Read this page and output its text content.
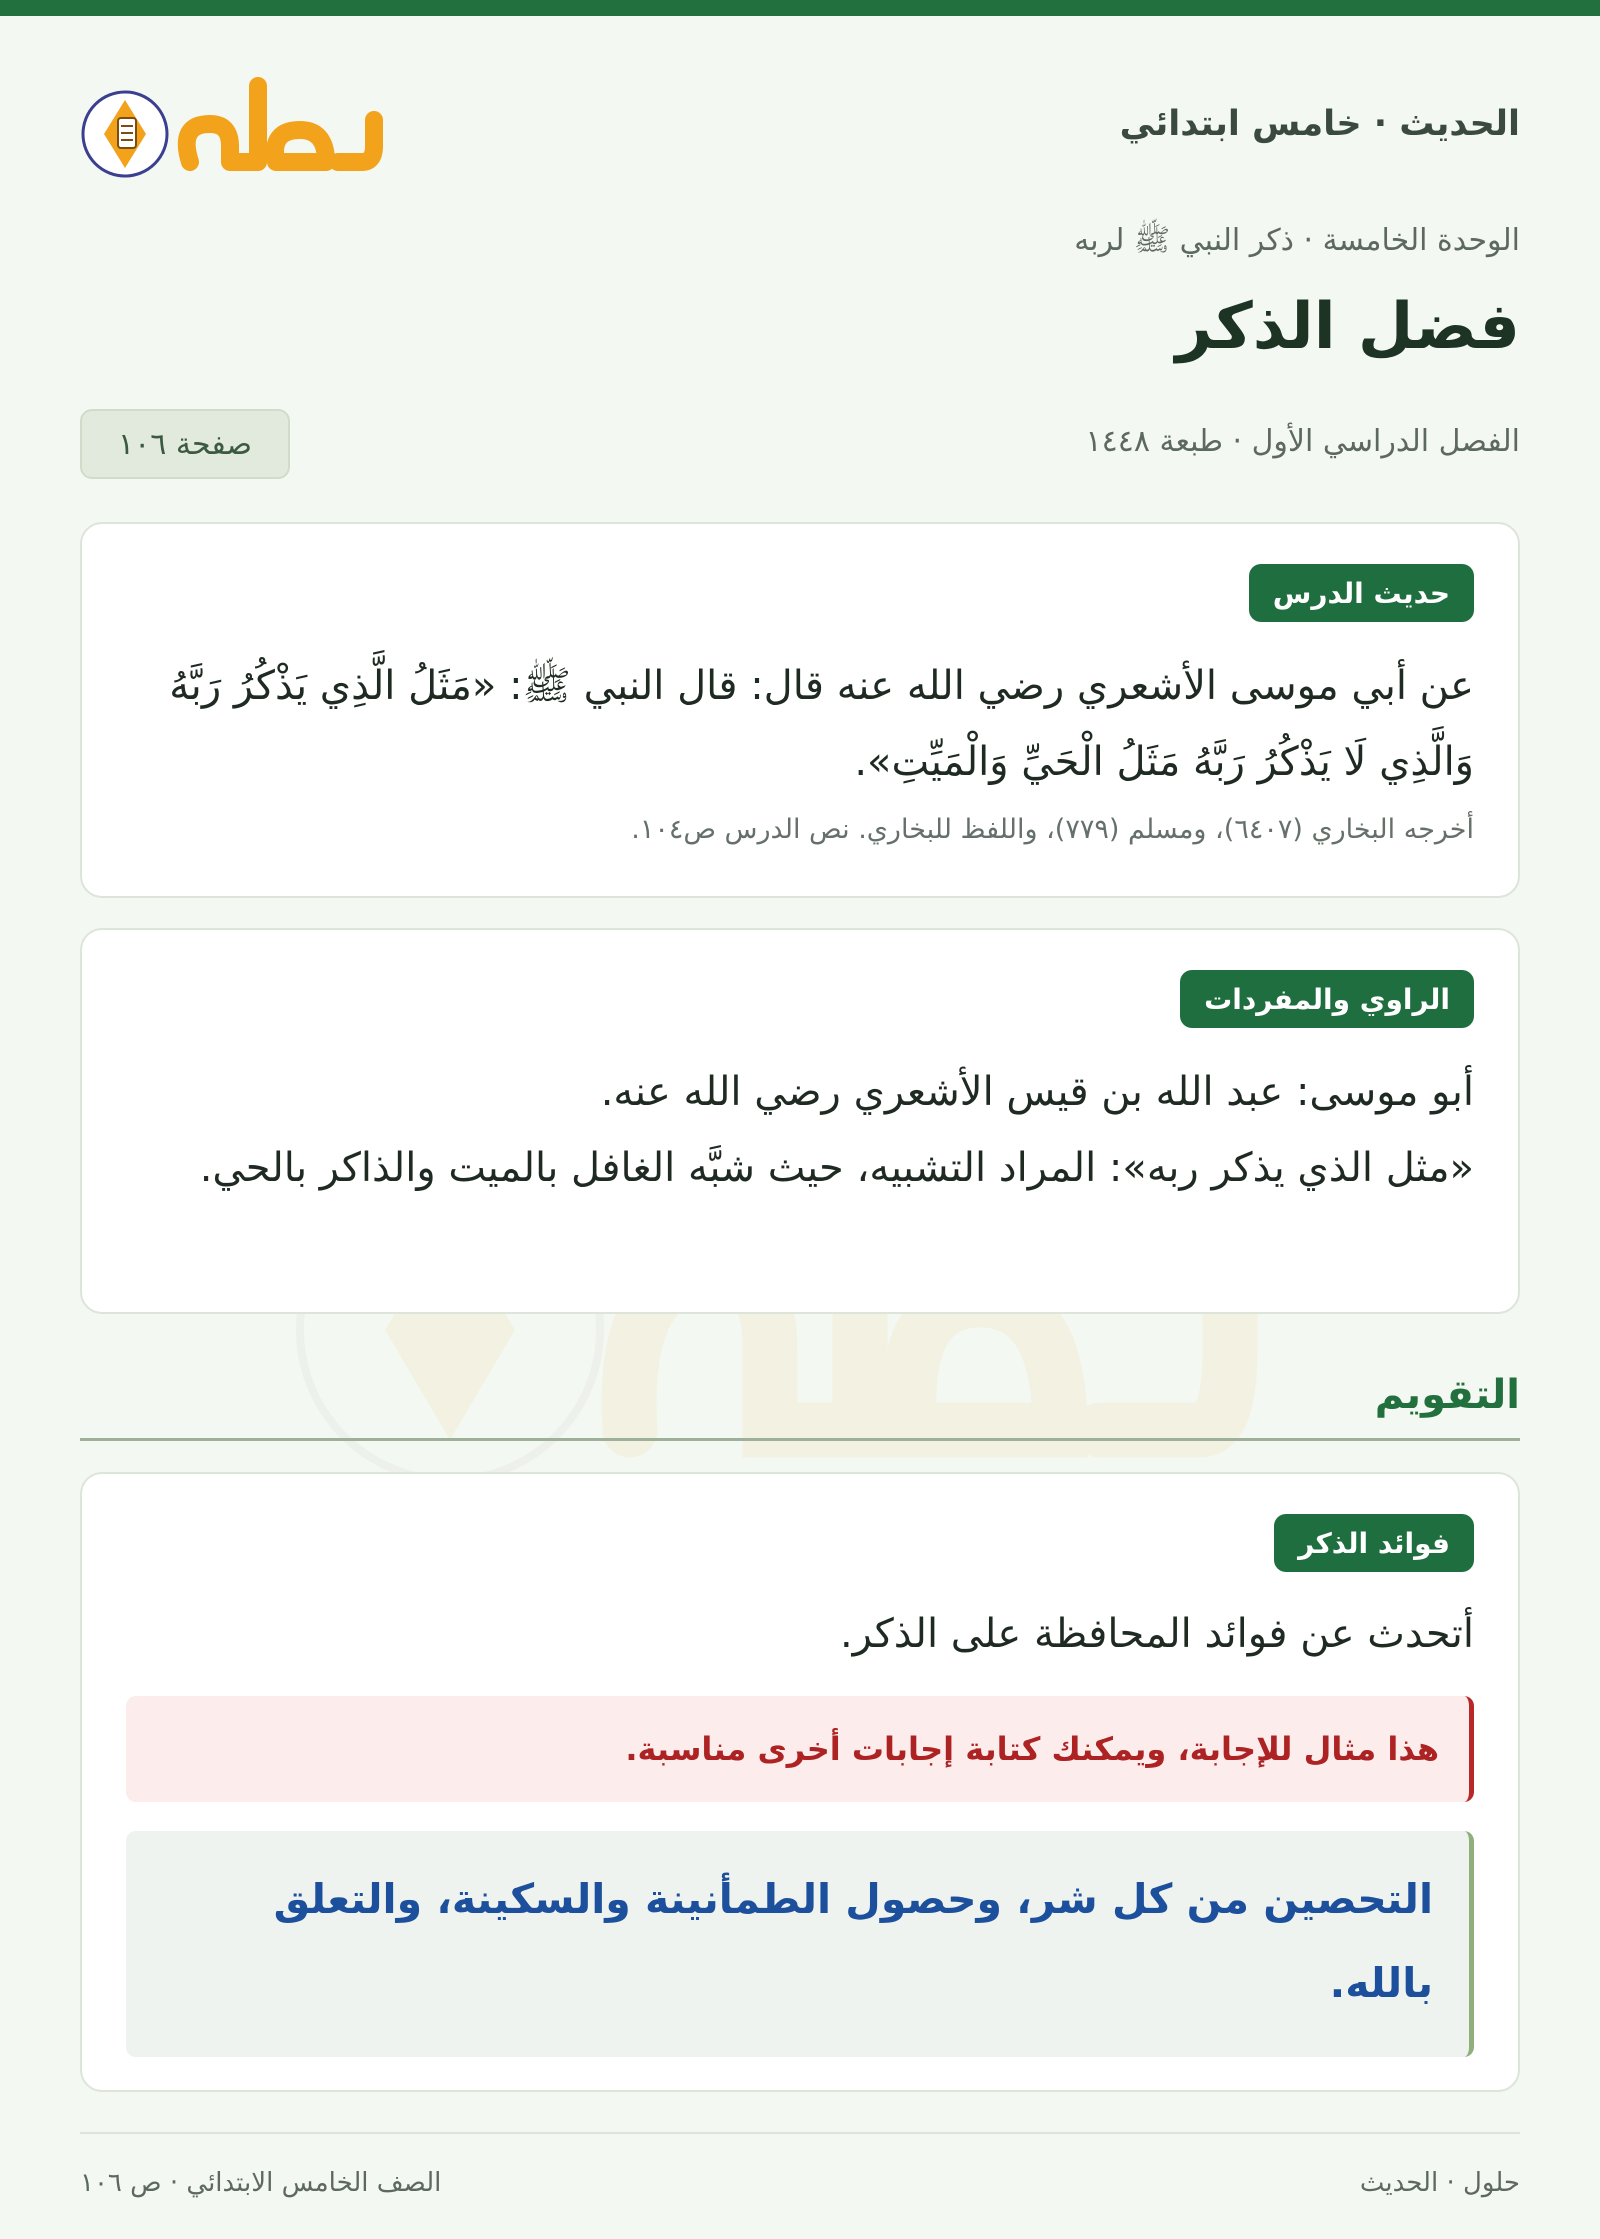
الحديث · خامس ابتدائي
حلول
الوحدة الخامسة · ذكر النبي ﷺ لربه
فضل الذكر
الفصل الدراسي الأول · طبعة ١٤٤٨
صفحة ١٠٦
حديث الدرس
عن أبي موسى الأشعري رضي الله عنه قال: قال النبي ﷺ: «مَثَلُ الَّذِي يَذْكُرُ رَبَّهُ وَالَّذِي لَا يَذْكُرُ رَبَّهُ مَثَلُ الْحَيِّ وَالْمَيِّتِ».
أخرجه البخاري (٦٤٠٧)، ومسلم (٧٧٩)، واللفظ للبخاري. نص الدرس ص١٠٤.
الراوي والمفردات
أبو موسى: عبد الله بن قيس الأشعري رضي الله عنه.
«مثل الذي يذكر ربه»: المراد التشبيه، حيث شبَّه الغافل بالميت والذاكر بالحي.
التقويم
فوائد الذكر
أتحدث عن فوائد المحافظة على الذكر.
هذا مثال للإجابة، ويمكنك كتابة إجابات أخرى مناسبة.
التحصين من كل شر، وحصول الطمأنينة والسكينة، والتعلق بالله.
حلول · الحديث
الصف الخامس الابتدائي · ص ١٠٦
